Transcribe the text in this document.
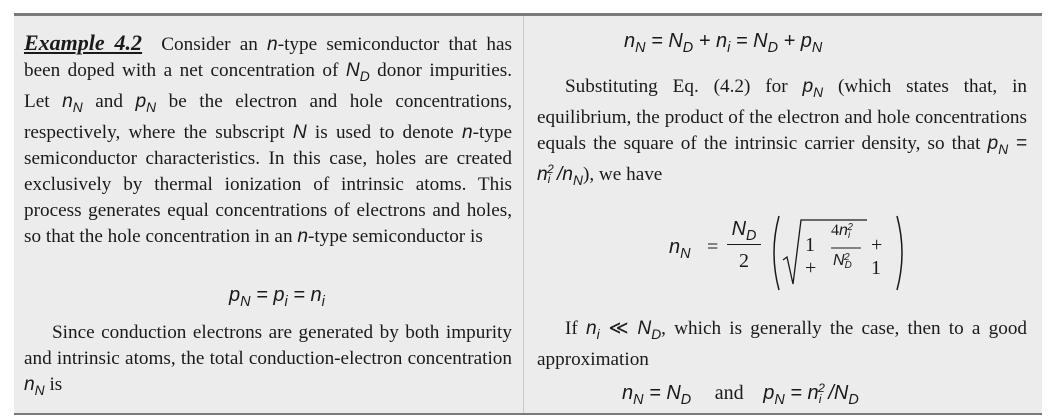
Example 4.2 Consider an n-type semiconductor that has been doped with a net concentration of $N_D$ donor impurities. Let $n_N$ and $p_N$ be the electron and hole concentrations, respectively, where the subscript N is used to denote n-type semiconductor characteristics. In this case, holes are created exclusively by thermal ionization of intrinsic atoms. This process generates equal concentrations of electrons and holes, so that the hole concentration in an n-type semiconductor is

$p_N = p_i = n_i$

Since conduction electrons are generated by both impurity and intrinsic atoms, the total conduction-electron concentration $n_N$ is

$n_N = N_D + n_i = N_D + p_N$

Substituting Eq. (4.2) for $p_N$ (which states that, in equilibrium, the product of the electron and hole concentrations equals the square of the intrinsic carrier density, so that $p_N = n^2i$ $/n_N$), we have

$n_N$ =
$N_D$
2
1 +
$4n^2i$
$N^2D$
+ 1

If $n_i$ ≪ $N_D$, which is generally the case, then to a good approximation

$n_N = N_D$ and $p_N = n^2i$ $/N_D$
